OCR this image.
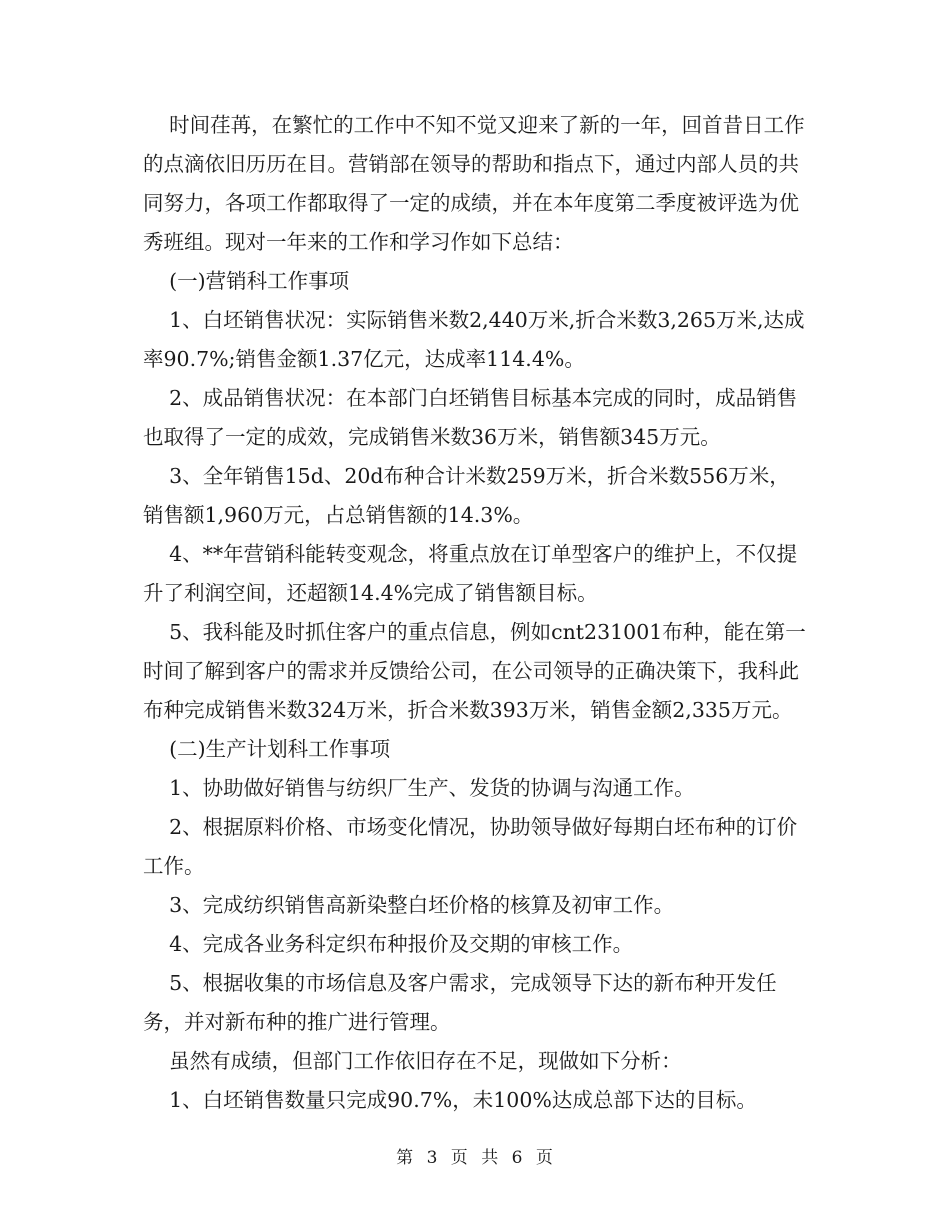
时间荏苒，在繁忙的工作中不知不觉又迎来了新的一年，回首昔日工作的点滴依旧历历在目。营销部在领导的帮助和指点下，通过内部人员的共同努力，各项工作都取得了一定的成绩，并在本年度第二季度被评选为优秀班组。现对一年来的工作和学习作如下总结：

(一)营销科工作事项

1、白坯销售状况：实际销售米数2,440万米,折合米数3,265万米,达成率90.7%;销售金额1.37亿元，达成率114.4%。

2、成品销售状况：在本部门白坯销售目标基本完成的同时，成品销售也取得了一定的成效，完成销售米数36万米，销售额345万元。

3、全年销售15d、20d布种合计米数259万米，折合米数556万米，销售额1,960万元，占总销售额的14.3%。

4、**年营销科能转变观念，将重点放在订单型客户的维护上，不仅提升了利润空间，还超额14.4%完成了销售额目标。

5、我科能及时抓住客户的重点信息，例如cnt231001布种，能在第一时间了解到客户的需求并反馈给公司，在公司领导的正确决策下，我科此布种完成销售米数324万米，折合米数393万米，销售金额2,335万元。

(二)生产计划科工作事项

1、协助做好销售与纺织厂生产、发货的协调与沟通工作。

2、根据原料价格、市场变化情况，协助领导做好每期白坯布种的订价工作。

3、完成纺织销售高新染整白坯价格的核算及初审工作。

4、完成各业务科定织布种报价及交期的审核工作。

5、根据收集的市场信息及客户需求，完成领导下达的新布种开发任务，并对新布种的推广进行管理。

虽然有成绩，但部门工作依旧存在不足，现做如下分析：

1、白坯销售数量只完成90.7%，未100%达成总部下达的目标。

第 3 页 共 6 页
